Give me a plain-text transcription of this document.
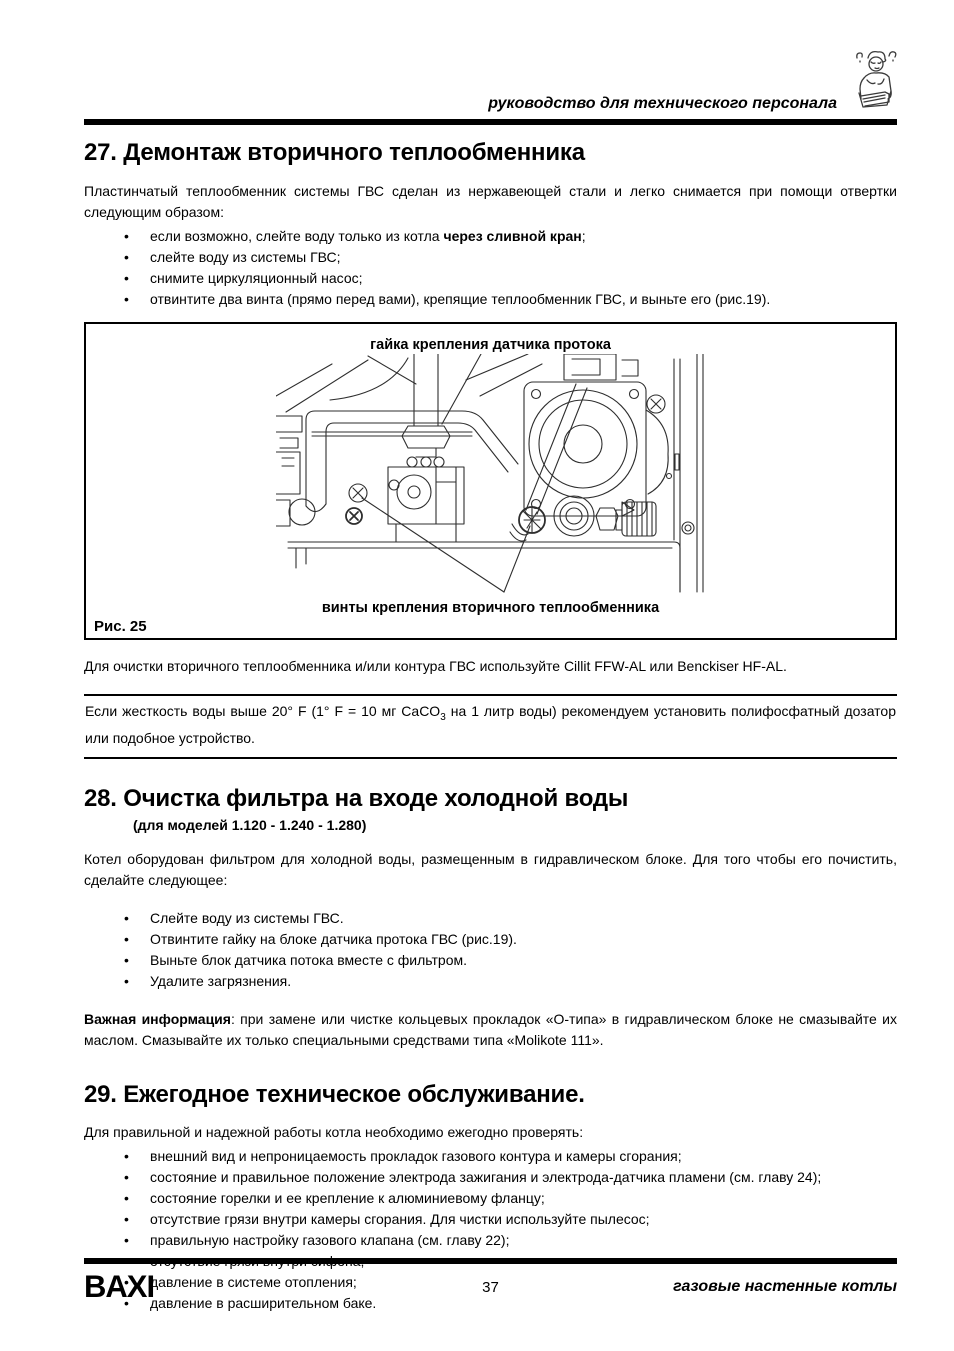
руководство для технического персонала
27. Демонтаж вторичного теплообменника

Пластинчатый теплообменник системы ГВС сделан из нержавеющей стали и легко снимается при помощи отвертки следующим образом:

• если возможно, слейте воду только из котла через сливной кран;
• слейте воду из системы ГВС;
• снимите циркуляционный насос;
• отвинтите два винта (прямо перед вами), крепящие теплообменник ГВС, и выньте его (рис.19).
гайка крепления датчика протока
винты крепления вторичного теплообменника
Рис. 25

Для очистки вторичного теплообменника и/или контура ГВС используйте Cillit FFW-AL или Benckiser HF-AL.

Если жесткость воды выше 20° F (1° F = 10 мг CaCO$_3$ на 1 литр воды) рекомендуем установить полифосфатный дозатор или подобное устройство.
28. Очистка фильтра на входе холодной воды
(для моделей 1.120 - 1.240 - 1.280)

Котел оборудован фильтром для холодной воды, размещенным в гидравлическом блоке. Для того чтобы его почистить, сделайте следующее:

• Слейте воду из системы ГВС.
• Отвинтите гайку на блоке датчика протока ГВС (рис.19).
• Выньте блок датчика потока вместе с фильтром.
• Удалите загрязнения.

Важная информация: при замене или чистке кольцевых прокладок «О-типа» в гидравлическом блоке не смазывайте их маслом. Смазывайте их только специальными средствами типа «Molikote 111».

29. Ежегодное техническое обслуживание.

Для правильной и надежной работы котла необходимо ежегодно проверять:

• внешний вид и непроницаемость прокладок газового контура и камеры сгорания;
• состояние и правильное положение электрода зажигания и электрода-датчика пламени (см. главу 24);
• состояние горелки и ее крепление к алюминиевому фланцу;
• отсутствие грязи внутри камеры сгорания. Для чистки используйте пылесос;
• правильную настройку газового клапана (см. главу 22);
•
• давление в системе отопления;
• давление в расширительном баке.
BAXI	37	газовые настенные котлы
